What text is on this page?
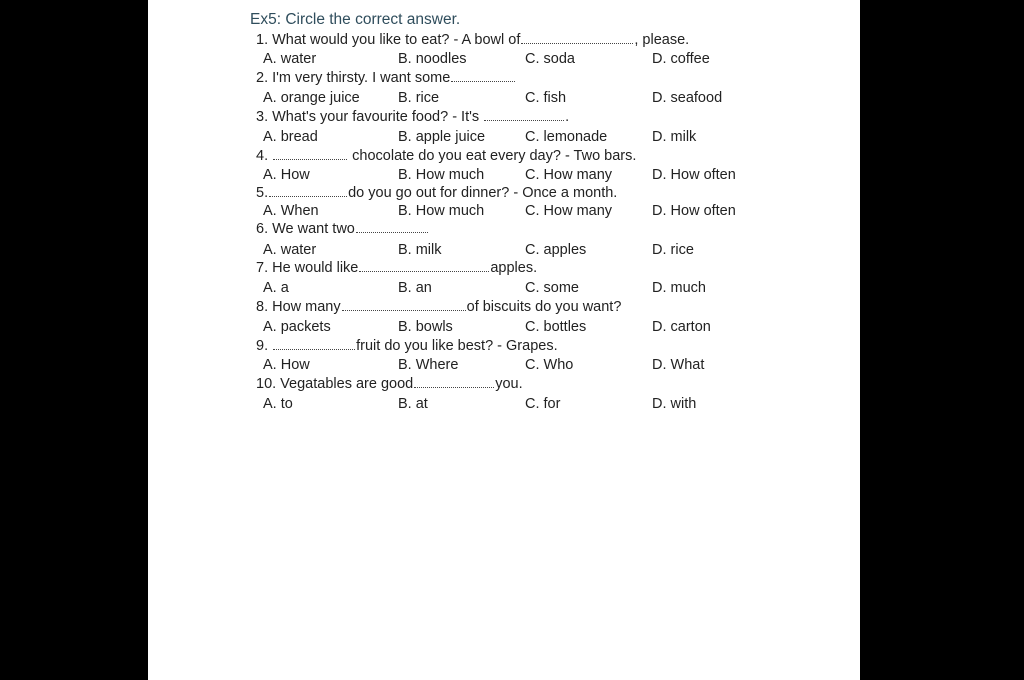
Ex5: Circle the correct answer.
1. What would you like to eat? - A bowl of	, please.
A. water	B. noodles	C. soda	D. coffee
2. I'm very thirsty. I want some
A. orange juice	B. rice	C. fish	D. seafood
3. What's your favourite food? - It's	.
A. bread	B. apple juice	C. lemonade	D. milk
4.	chocolate do you eat every day? - Two bars.
A. How	B. How much	C. How many	D. How often
5.	do you go out for dinner? - Once a month.
A. When	B. How much	C. How many	D. How often
6. We want two
A. water	B. milk	C. apples	D. rice
7. He would like	apples.
A. a	B. an	C. some	D. much
8. How many	of biscuits do you want?
A. packets	B. bowls	C. bottles	D. carton
9.	fruit do you like best? - Grapes.
A. How	B. Where	C. Who	D. What
10. Vegatables are good	you.
A. to	B. at	C. for	D. with
